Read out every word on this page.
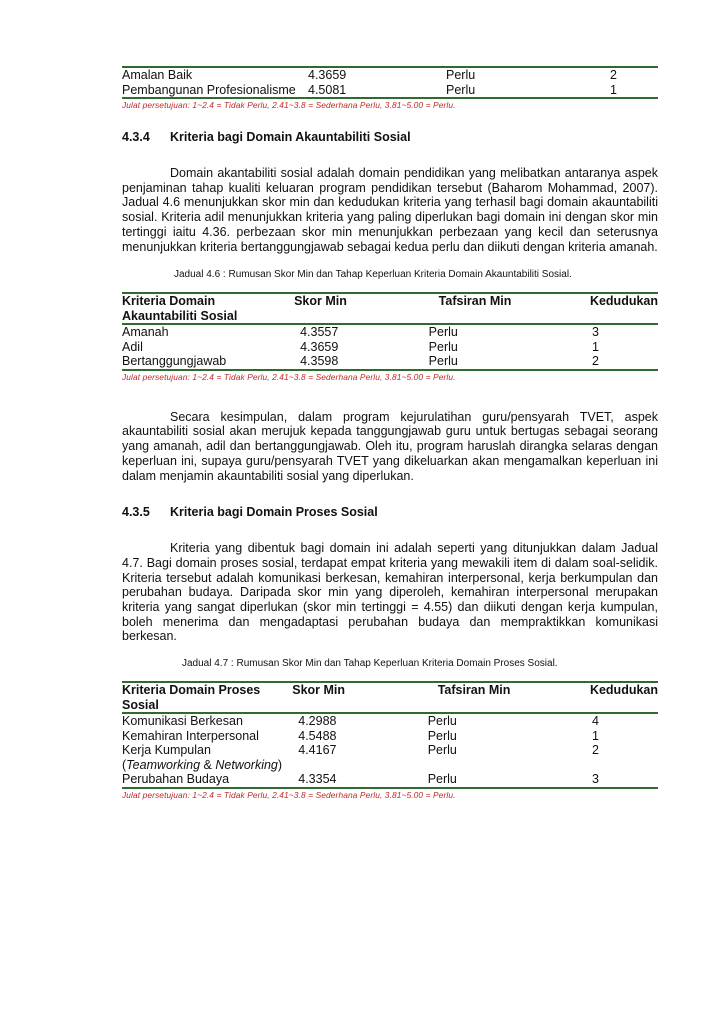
Amalan Baik	4.3659	Perlu	2
Pembangunan Profesionalisme	4.5081	Perlu	1
Julat persetujuan: 1~2.4 = Tidak Perlu, 2.41~3.8 = Sederhana Perlu, 3.81~5.00 = Perlu.
4.3.4	Kriteria bagi Domain Akauntabiliti Sosial

Domain akantabiliti sosial adalah domain pendidikan yang melibatkan antaranya aspek penjaminan tahap kualiti keluaran program pendidikan tersebut (Baharom Mohammad, 2007). Jadual 4.6 menunjukkan skor min dan kedudukan kriteria yang terhasil bagi domain akauntabiliti sosial. Kriteria adil menunjukkan kriteria yang paling diperlukan bagi domain ini dengan skor min tertinggi iaitu 4.36. perbezaan skor min menunjukkan perbezaan yang kecil dan seterusnya menunjukkan kriteria bertanggungjawab sebagai kedua perlu dan diikuti dengan kriteria amanah.

Jadual 4.6 : Rumusan Skor Min dan Tahap Keperluan Kriteria Domain Akauntabiliti Sosial.

Kriteria Domain Akauntabiliti Sosial	Skor Min	Tafsiran Min	Kedudukan
Amanah	4.3557	Perlu	3
Adil	4.3659	Perlu	1
Bertanggungjawab	4.3598	Perlu	2
Julat persetujuan: 1~2.4 = Tidak Perlu, 2.41~3.8 = Sederhana Perlu, 3.81~5.00 = Perlu.

Secara kesimpulan, dalam program kejurulatihan guru/pensyarah TVET, aspek akauntabiliti sosial akan merujuk kepada tanggungjawab guru untuk bertugas sebagai seorang yang amanah, adil dan bertanggungjawab. Oleh itu, program haruslah dirangka selaras dengan keperluan ini, supaya guru/pensyarah TVET yang dikeluarkan akan mengamalkan keperluan ini dalam menjamin akauntabiliti sosial yang diperlukan.

4.3.5	Kriteria bagi Domain Proses Sosial

Kriteria yang dibentuk bagi domain ini adalah seperti yang ditunjukkan dalam Jadual 4.7. Bagi domain proses sosial, terdapat empat kriteria yang mewakili item di dalam soal-selidik. Kriteria tersebut adalah komunikasi berkesan, kemahiran interpersonal, kerja berkumpulan dan perubahan budaya. Daripada skor min yang diperoleh, kemahiran interpersonal merupakan kriteria yang sangat diperlukan (skor min tertinggi = 4.55) dan diikuti dengan kerja kumpulan, boleh menerima dan mengadaptasi perubahan budaya dan mempraktikkan komunikasi berkesan.

Jadual 4.7 : Rumusan Skor Min dan Tahap Keperluan Kriteria Domain Proses Sosial.

Kriteria Domain Proses Sosial	Skor Min	Tafsiran Min	Kedudukan
Komunikasi Berkesan	4.2988	Perlu	4
Kemahiran Interpersonal	4.5488	Perlu	1
Kerja Kumpulan
(Teamworking & Networking)	4.4167	Perlu	2
Perubahan Budaya	4.3354	Perlu	3
Julat persetujuan: 1~2.4 = Tidak Perlu, 2.41~3.8 = Sederhana Perlu, 3.81~5.00 = Perlu.
